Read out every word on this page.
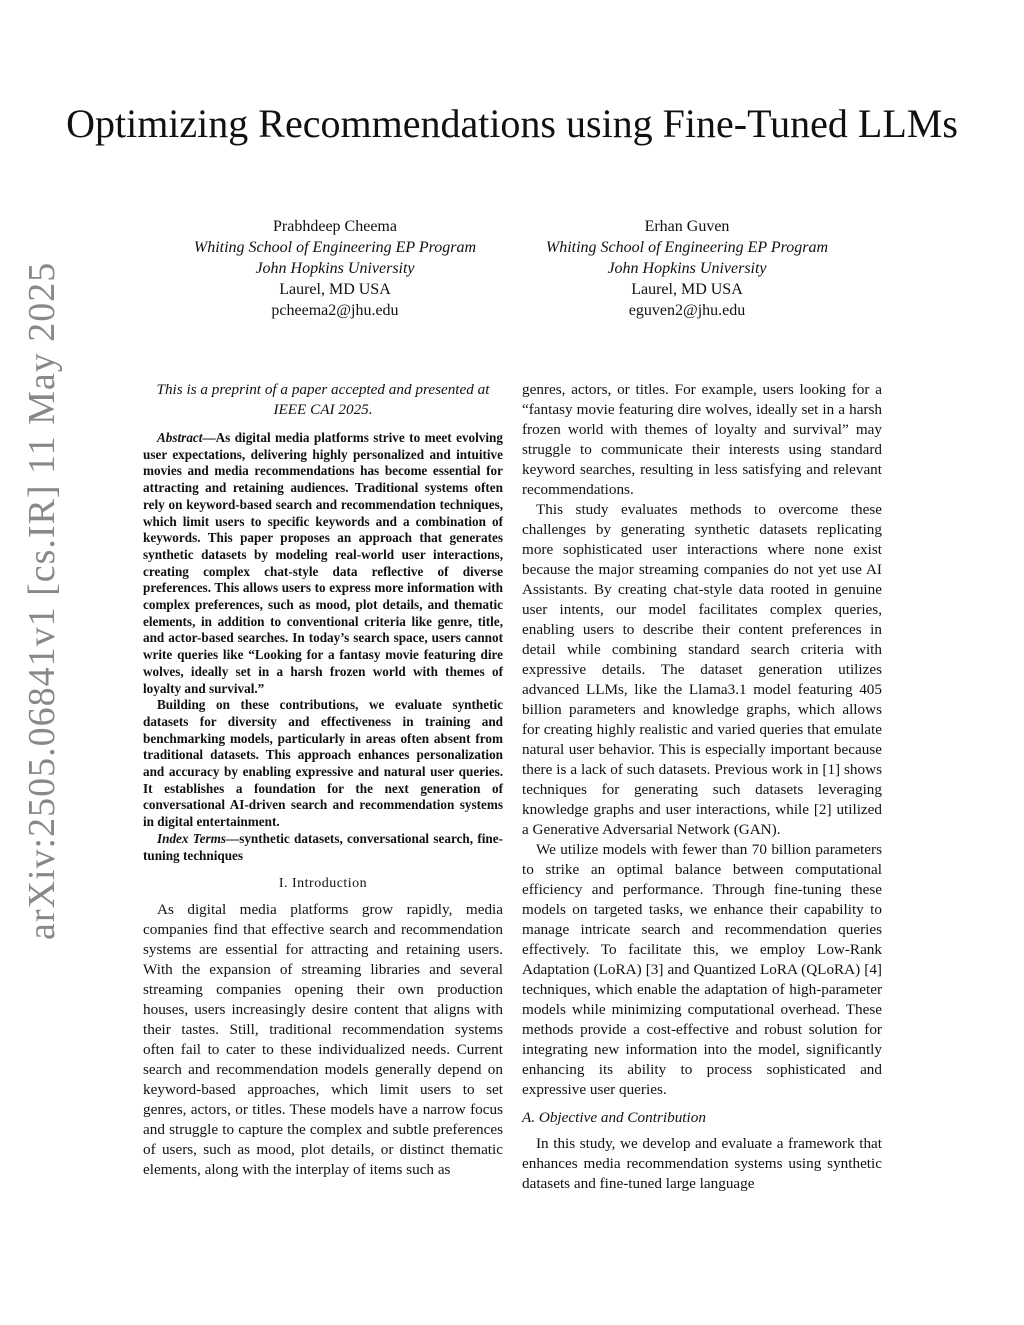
arXiv:2505.06841v1 [cs.IR] 11 May 2025
Optimizing Recommendations using Fine-Tuned LLMs
Prabhdeep Cheema
Whiting School of Engineering EP Program
John Hopkins University
Laurel, MD USA
pcheema2@jhu.edu
Erhan Guven
Whiting School of Engineering EP Program
John Hopkins University
Laurel, MD USA
eguven2@jhu.edu

This is a preprint of a paper accepted and presented at IEEE CAI 2025.

Abstract—As digital media platforms strive to meet evolving user expectations, delivering highly personalized and intuitive movies and media recommendations has become essential for attracting and retaining audiences. Traditional systems often rely on keyword-based search and recommendation techniques, which limit users to specific keywords and a combination of keywords. This paper proposes an approach that generates synthetic datasets by modeling real-world user interactions, creating complex chat-style data reflective of diverse preferences. This allows users to express more information with complex preferences, such as mood, plot details, and thematic elements, in addition to conventional criteria like genre, title, and actor-based searches. In today’s search space, users cannot write queries like “Looking for a fantasy movie featuring dire wolves, ideally set in a harsh frozen world with themes of loyalty and survival.”

Building on these contributions, we evaluate synthetic datasets for diversity and effectiveness in training and benchmarking models, particularly in areas often absent from traditional datasets. This approach enhances personalization and accuracy by enabling expressive and natural user queries. It establishes a foundation for the next generation of conversational AI-driven search and recommendation systems in digital entertainment.

Index Terms—synthetic datasets, conversational search, fine-tuning techniques

I. Introduction

As digital media platforms grow rapidly, media companies find that effective search and recommendation systems are essential for attracting and retaining users. With the expansion of streaming libraries and several streaming companies opening their own production houses, users increasingly desire content that aligns with their tastes. Still, traditional recommendation systems often fail to cater to these individualized needs. Current search and recommendation models generally depend on keyword-based approaches, which limit users to set genres, actors, or titles. These models have a narrow focus and struggle to capture the complex and subtle preferences of users, such as mood, plot details, or distinct thematic elements, along with the interplay of items such as

genres, actors, or titles. For example, users looking for a “fantasy movie featuring dire wolves, ideally set in a harsh frozen world with themes of loyalty and survival” may struggle to communicate their interests using standard keyword searches, resulting in less satisfying and relevant recommendations.

This study evaluates methods to overcome these challenges by generating synthetic datasets replicating more sophisticated user interactions where none exist because the major streaming companies do not yet use AI Assistants. By creating chat-style data rooted in genuine user intents, our model facilitates complex queries, enabling users to describe their content preferences in detail while combining standard search criteria with expressive details. The dataset generation utilizes advanced LLMs, like the Llama3.1 model featuring 405 billion parameters and knowledge graphs, which allows for creating highly realistic and varied queries that emulate natural user behavior. This is especially important because there is a lack of such datasets. Previous work in [1] shows techniques for generating such datasets leveraging knowledge graphs and user interactions, while [2] utilized a Generative Adversarial Network (GAN).

We utilize models with fewer than 70 billion parameters to strike an optimal balance between computational efficiency and performance. Through fine-tuning these models on targeted tasks, we enhance their capability to manage intricate search and recommendation queries effectively. To facilitate this, we employ Low-Rank Adaptation (LoRA) [3] and Quantized LoRA (QLoRA) [4] techniques, which enable the adaptation of high-parameter models while minimizing computational overhead. These methods provide a cost-effective and robust solution for integrating new information into the model, significantly enhancing its ability to process sophisticated and expressive user queries.

A. Objective and Contribution

In this study, we develop and evaluate a framework that enhances media recommendation systems using synthetic datasets and fine-tuned large language
